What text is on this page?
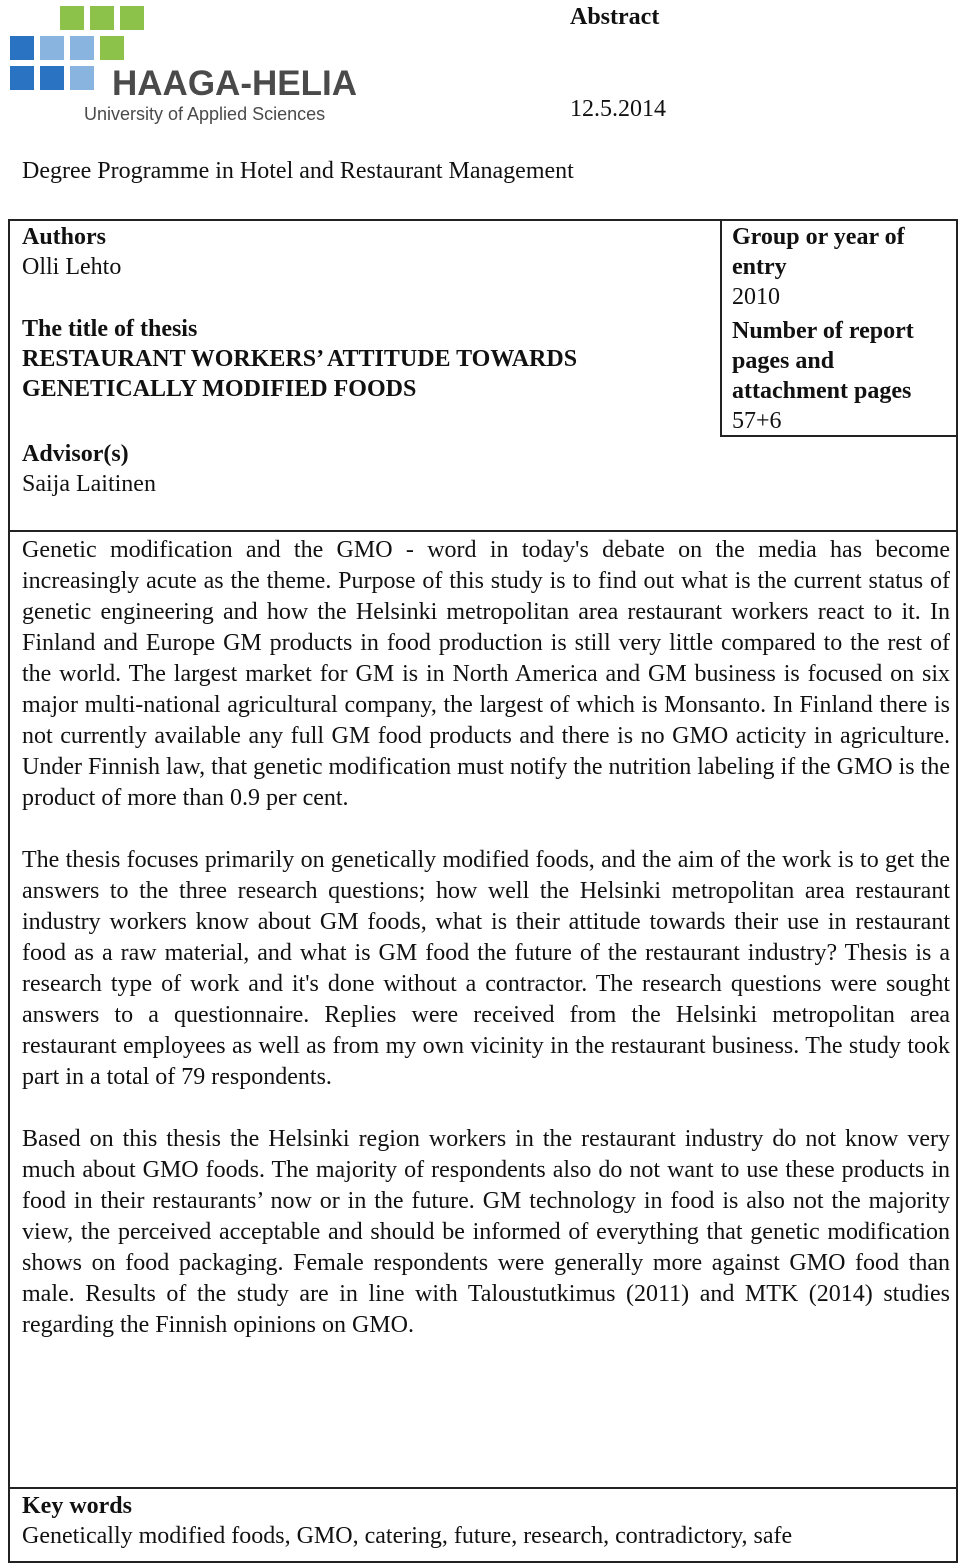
HAAGA-HELIA
University of Applied Sciences
Abstract
12.5.2014
Degree Programme in Hotel and Restaurant Management
Authors
Olli Lehto
The title of thesis
RESTAURANT WORKERS’ ATTITUDE TOWARDS GENETICALLY MODIFIED FOODS
Advisor(s)
Saija Laitinen
Group or year of entry
2010
Number of report pages and attachment pages
57+6

Genetic modification and the GMO - word in today's debate on the media has become increasingly acute as the theme. Purpose of this study is to find out what is the current status of genetic engineering and how the Helsinki metropolitan area restaurant workers react to it. In Finland and Europe GM products in food production is still very little compared to the rest of the world. The largest market for GM is in North America and GM business is focused on six major multi-national agricultural company, the largest of which is Monsanto. In Finland there is not currently available any full GM food products and there is no GMO acticity in agriculture. Under Finnish law, that genetic modification must notify the nutrition labeling if the GMO is the product of more than 0.9 per cent.

The thesis focuses primarily on genetically modified foods, and the aim of the work is to get the answers to the three research questions; how well the Helsinki metropolitan area restaurant industry workers know about GM foods, what is their attitude towards their use in restaurant food as a raw material, and what is GM food the future of the restaurant industry? Thesis is a research type of work and it's done without a contractor. The research questions were sought answers to a questionnaire. Replies were received from the Helsinki metropolitan area restaurant employees as well as from my own vicinity in the restaurant business. The study took part in a total of 79 respondents.

Based on this thesis the Helsinki region workers in the restaurant industry do not know very much about GMO foods. The majority of respondents also do not want to use these products in food in their restaurants’ now or in the future. GM technology in food is also not the majority view, the perceived acceptable and should be informed of everything that genetic modification shows on food packaging. Female respondents were generally more against GMO food than male. Results of the study are in line with Taloustutkimus (2011) and MTK (2014) studies regarding the Finnish opinions on GMO.

Key words
Genetically modified foods, GMO, catering, future, research, contradictory, safe
